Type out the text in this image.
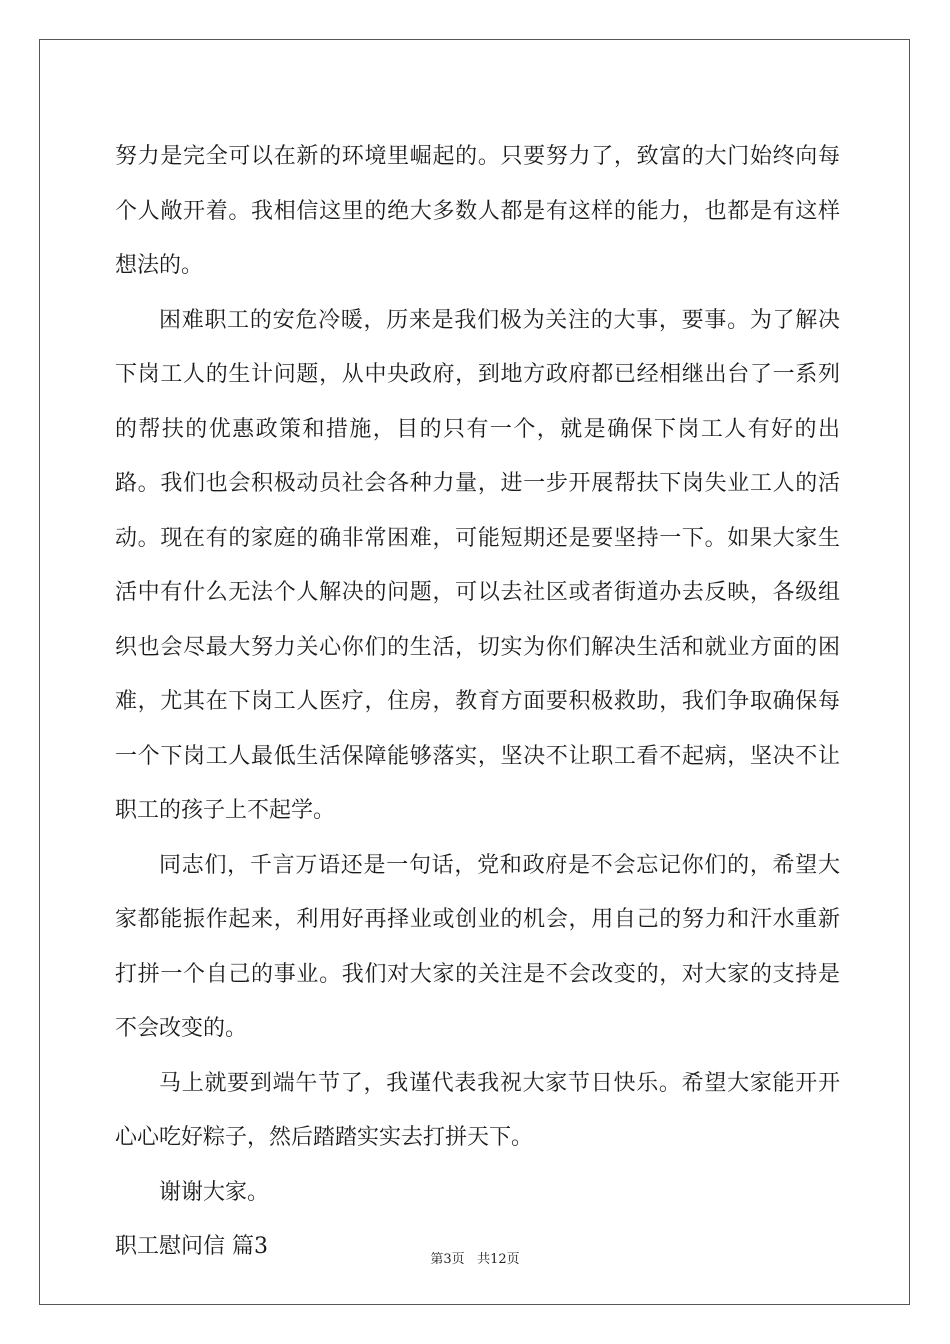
努力是完全可以在新的环境里崛起的。只要努力了，致富的大门始终向每个人敞开着。我相信这里的绝大多数人都是有这样的能力，也都是有这样想法的。

困难职工的安危冷暖，历来是我们极为关注的大事，要事。为了解决下岗工人的生计问题，从中央政府，到地方政府都已经相继出台了一系列的帮扶的优惠政策和措施，目的只有一个，就是确保下岗工人有好的出路。我们也会积极动员社会各种力量，进一步开展帮扶下岗失业工人的活动。现在有的家庭的确非常困难，可能短期还是要坚持一下。如果大家生活中有什么无法个人解决的问题，可以去社区或者街道办去反映，各级组织也会尽最大努力关心你们的生活，切实为你们解决生活和就业方面的困难，尤其在下岗工人医疗，住房，教育方面要积极救助，我们争取确保每一个下岗工人最低生活保障能够落实，坚决不让职工看不起病，坚决不让职工的孩子上不起学。

同志们，千言万语还是一句话，党和政府是不会忘记你们的，希望大家都能振作起来，利用好再择业或创业的机会，用自己的努力和汗水重新打拼一个自己的事业。我们对大家的关注是不会改变的，对大家的支持是不会改变的。

马上就要到端午节了，我谨代表我祝大家节日快乐。希望大家能开开心心吃好粽子，然后踏踏实实去打拼天下。

谢谢大家。

职工慰问信 篇3

第3页 共12页
